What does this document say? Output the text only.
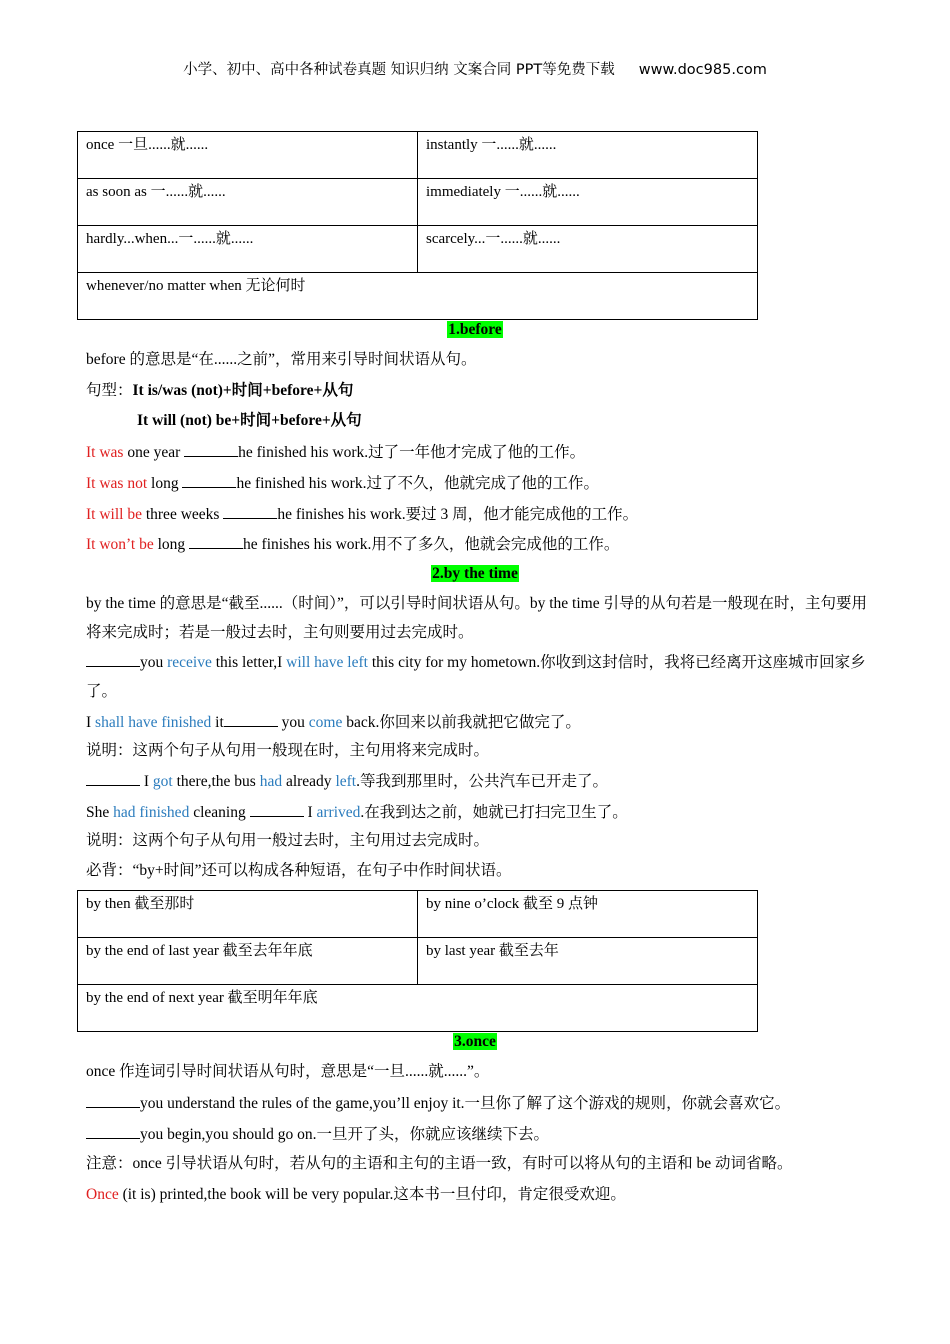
小学、初中、高中各种试卷真题 知识归纳 文案合同 PPT等免费下载 www.doc985.com
once 一旦......就......	instantly 一......就......
as soon as 一......就......	immediately 一......就......
hardly...when...一......就......	scarcely...一......就......
whenever/no matter when 无论何时	
1.before
before 的意思是“在......之前”，常用来引导时间状语从句。
句型：It is/was (not)+时间+before+从句
It will (not) be+时间+before+从句
It was one year	he finished his work.过了一年他才完成了他的工作。
It was not long	he finished his work.过了不久，他就完成了他的工作。
It will be three weeks	he finishes his work.要过 3 周，他才能完成他的工作。
It won’t be long	he finishes his work.用不了多久，他就会完成他的工作。
2.by the time
by the time 的意思是“截至......（时间）”，可以引导时间状语从句。by the time 引导的从句若是一般现在时，主句要用将来完成时；若是一般过去时，主句则要用过去完成时。
you receive this letter,I will have left this city for my hometown.你收到这封信时，我将已经离开这座城市回家乡了。
I shall have finished it	you come back.你回来以前我就把它做完了。
说明：这两个句子从句用一般现在时，主句用将来完成时。
I got there,the bus had already left.等我到那里时，公共汽车已开走了。
She had finished cleaning	I arrived.在我到达之前，她就已打扫完卫生了。
说明：这两个句子从句用一般过去时，主句用过去完成时。
必背：“by+时间”还可以构成各种短语，在句子中作时间状语。
by then 截至那时	by nine o’clock 截至 9 点钟
by the end of last year 截至去年年底	by last year 截至去年
by the end of next year 截至明年年底	
3.once
once 作连词引导时间状语从句时，意思是“一旦......就......”。
you understand the rules of the game,you’ll enjoy it.一旦你了解了这个游戏的规则，你就会喜欢它。
you begin,you should go on.一旦开了头，你就应该继续下去。
注意：once 引导状语从句时，若从句的主语和主句的主语一致，有时可以将从句的主语和 be 动词省略。
Once (it is) printed,the book will be very popular.这本书一旦付印，肯定很受欢迎。
